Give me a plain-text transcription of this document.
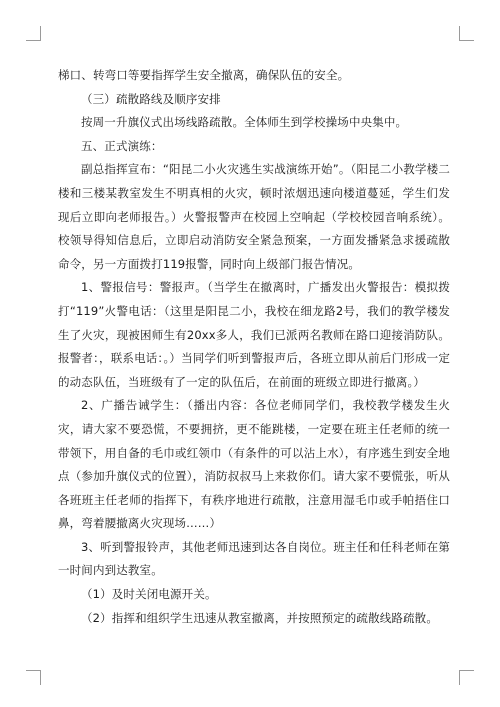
梯口、转弯口等要指挥学生安全撤离，确保队伍的安全。

（三）疏散路线及顺序安排

按周一升旗仪式出场线路疏散。全体师生到学校操场中央集中。

五、正式演练：

副总指挥宣布：“阳昆二小火灾逃生实战演练开始”。（阳昆二小教学楼二楼和三楼某教室发生不明真相的火灾，顿时浓烟迅速向楼道蔓延，学生们发现后立即向老师报告。）火警报警声在校园上空响起（学校校园音响系统）。校领导得知信息后，立即启动消防安全紧急预案，一方面发播紧急求援疏散命令，另一方面拨打119报警，同时向上级部门报告情况。

1、警报信号：警报声。（当学生在撤离时，广播发出火警报告：模拟拨打“119”火警电话：（这里是阳昆二小，我校在细龙路2号，我们的教学楼发生了火灾，现被困师生有20xx多人，我们已派两名教师在路口迎接消防队。报警者：，联系电话：。）当同学们听到警报声后，各班立即从前后门形成一定的动态队伍，当班级有了一定的队伍后，在前面的班级立即进行撤离。）

2、广播告诫学生：（播出内容：各位老师同学们，我校教学楼发生火灾，请大家不要恐慌，不要拥挤，更不能跳楼，一定要在班主任老师的统一带领下，用自备的毛巾或红领巾（有条件的可以沾上水），有序逃生到安全地点（参加升旗仪式的位置），消防叔叔马上来救你们。请大家不要慌张，听从各班班主任老师的指挥下，有秩序地进行疏散，注意用湿毛巾或手帕捂住口鼻，弯着腰撤离火灾现场……）

3、听到警报铃声，其他老师迅速到达各自岗位。班主任和任科老师在第一时间内到达教室。

（1）及时关闭电源开关。

（2）指挥和组织学生迅速从教室撤离，并按照预定的疏散线路疏散。
